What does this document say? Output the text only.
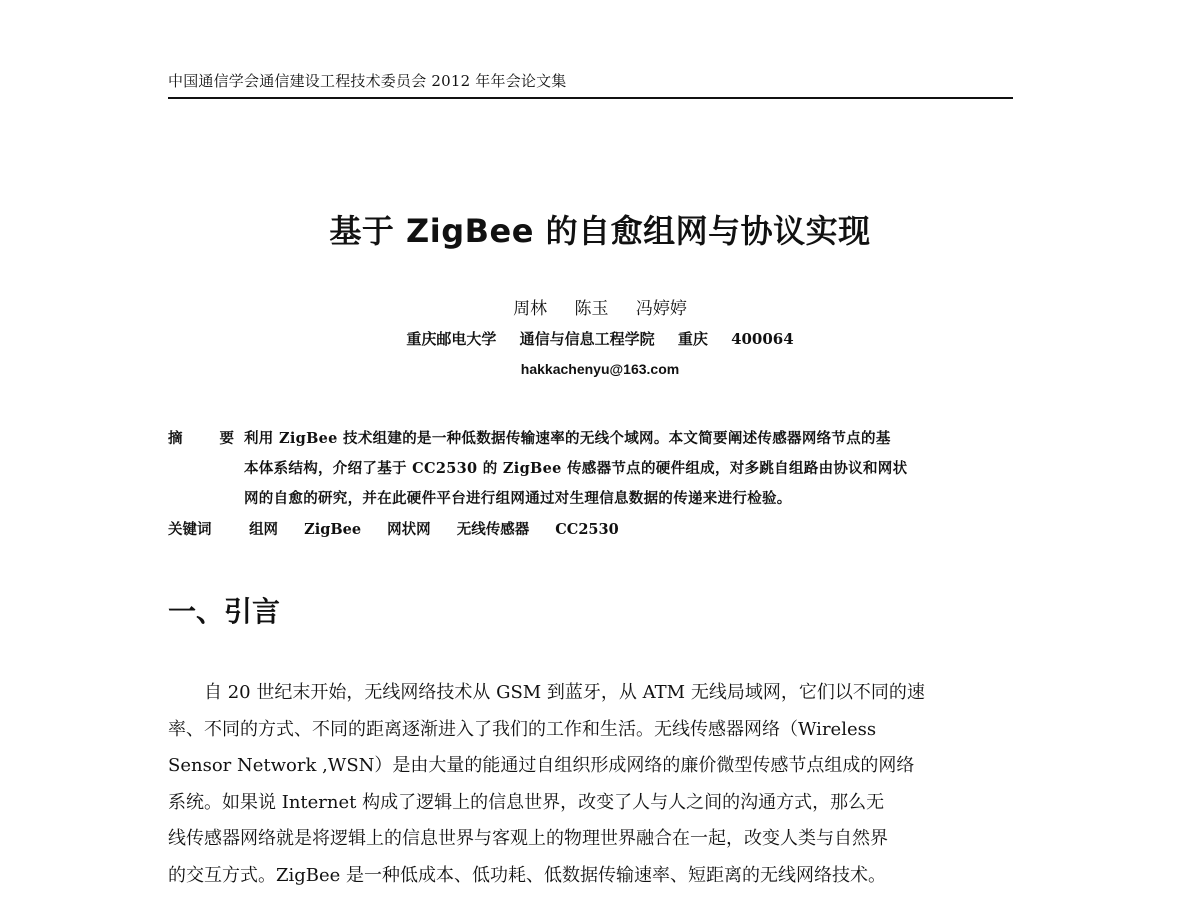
中国通信学会通信建设工程技术委员会 2012 年年会论文集
基于 ZigBee 的自愈组网与协议实现
周林 陈玉 冯婷婷
重庆邮电大学 通信与信息工程学院 重庆 400064
hakkachenyu@163.com
摘 要
利用 ZigBee 技术组建的是一种低数据传输速率的无线个域网。本文简要阐述传感器网络节点的基
本体系结构，介绍了基于 CC2530 的 ZigBee 传感器节点的硬件组成，对多跳自组路由协议和网状
网的自愈的研究，并在此硬件平台进行组网通过对生理信息数据的传递来进行检验。
关键词	组网 ZigBee 网状网 无线传感器 CC2530
一、引言
自 20 世纪末开始，无线网络技术从 GSM 到蓝牙，从 ATM 无线局域网，它们以不同的速
率、不同的方式、不同的距离逐渐进入了我们的工作和生活。无线传感器网络（Wireless
Sensor Network ,WSN）是由大量的能通过自组织形成网络的廉价微型传感节点组成的网络
系统。如果说 Internet 构成了逻辑上的信息世界，改变了人与人之间的沟通方式，那么无
线传感器网络就是将逻辑上的信息世界与客观上的物理世界融合在一起，改变人类与自然界
的交互方式。ZigBee 是一种低成本、低功耗、低数据传输速率、短距离的无线网络技术。
